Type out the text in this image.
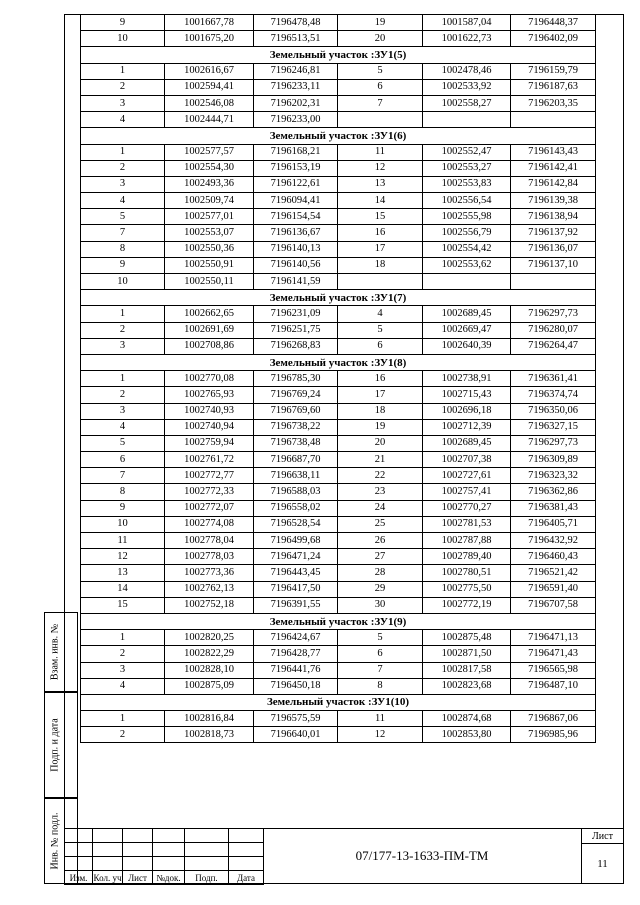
9	1001667,78	7196478,48	19	1001587,04	7196448,37
10	1001675,20	7196513,51	20	1001622,73	7196402,09
Земельный участок :ЗУ1(5)					
1	1002616,67	7196246,81	5	1002478,46	7196159,79
2	1002594,41	7196233,11	6	1002533,92	7196187,63
3	1002546,08	7196202,31	7	1002558,27	7196203,35
4	1002444,71	7196233,00			
Земельный участок :ЗУ1(6)					
1	1002577,57	7196168,21	11	1002552,47	7196143,43
2	1002554,30	7196153,19	12	1002553,27	7196142,41
3	1002493,36	7196122,61	13	1002553,83	7196142,84
4	1002509,74	7196094,41	14	1002556,54	7196139,38
5	1002577,01	7196154,54	15	1002555,98	7196138,94
7	1002553,07	7196136,67	16	1002556,79	7196137,92
8	1002550,36	7196140,13	17	1002554,42	7196136,07
9	1002550,91	7196140,56	18	1002553,62	7196137,10
10	1002550,11	7196141,59			
Земельный участок :ЗУ1(7)					
1	1002662,65	7196231,09	4	1002689,45	7196297,73
2	1002691,69	7196251,75	5	1002669,47	7196280,07
3	1002708,86	7196268,83	6	1002640,39	7196264,47
Земельный участок :ЗУ1(8)					
1	1002770,08	7196785,30	16	1002738,91	7196361,41
2	1002765,93	7196769,24	17	1002715,43	7196374,74
3	1002740,93	7196769,60	18	1002696,18	7196350,06
4	1002740,94	7196738,22	19	1002712,39	7196327,15
5	1002759,94	7196738,48	20	1002689,45	7196297,73
6	1002761,72	7196687,70	21	1002707,38	7196309,89
7	1002772,77	7196638,11	22	1002727,61	7196323,32
8	1002772,33	7196588,03	23	1002757,41	7196362,86
9	1002772,07	7196558,02	24	1002770,27	7196381,43
10	1002774,08	7196528,54	25	1002781,53	7196405,71
11	1002778,04	7196499,68	26	1002787,88	7196432,92
12	1002778,03	7196471,24	27	1002789,40	7196460,43
13	1002773,36	7196443,45	28	1002780,51	7196521,42
14	1002762,13	7196417,50	29	1002775,50	7196591,40
15	1002752,18	7196391,55	30	1002772,19	7196707,58
Земельный участок :ЗУ1(9)					
1	1002820,25	7196424,67	5	1002875,48	7196471,13
2	1002822,29	7196428,77	6	1002871,50	7196471,43
3	1002828,10	7196441,76	7	1002817,58	7196565,98
4	1002875,09	7196450,18	8	1002823,68	7196487,10
Земельный участок :ЗУ1(10)					
1	1002816,84	7196575,59	11	1002874,68	7196867,06
2	1002818,73	7196640,01	12	1002853,80	7196985,96
Взам. инв. №
Подп. и дата
Инв. № подл.

Изм.	Кол. уч	Лист	№док.	Подп.	Дата
07/177-13-1633-ПМ-ТМ
Лист
11
